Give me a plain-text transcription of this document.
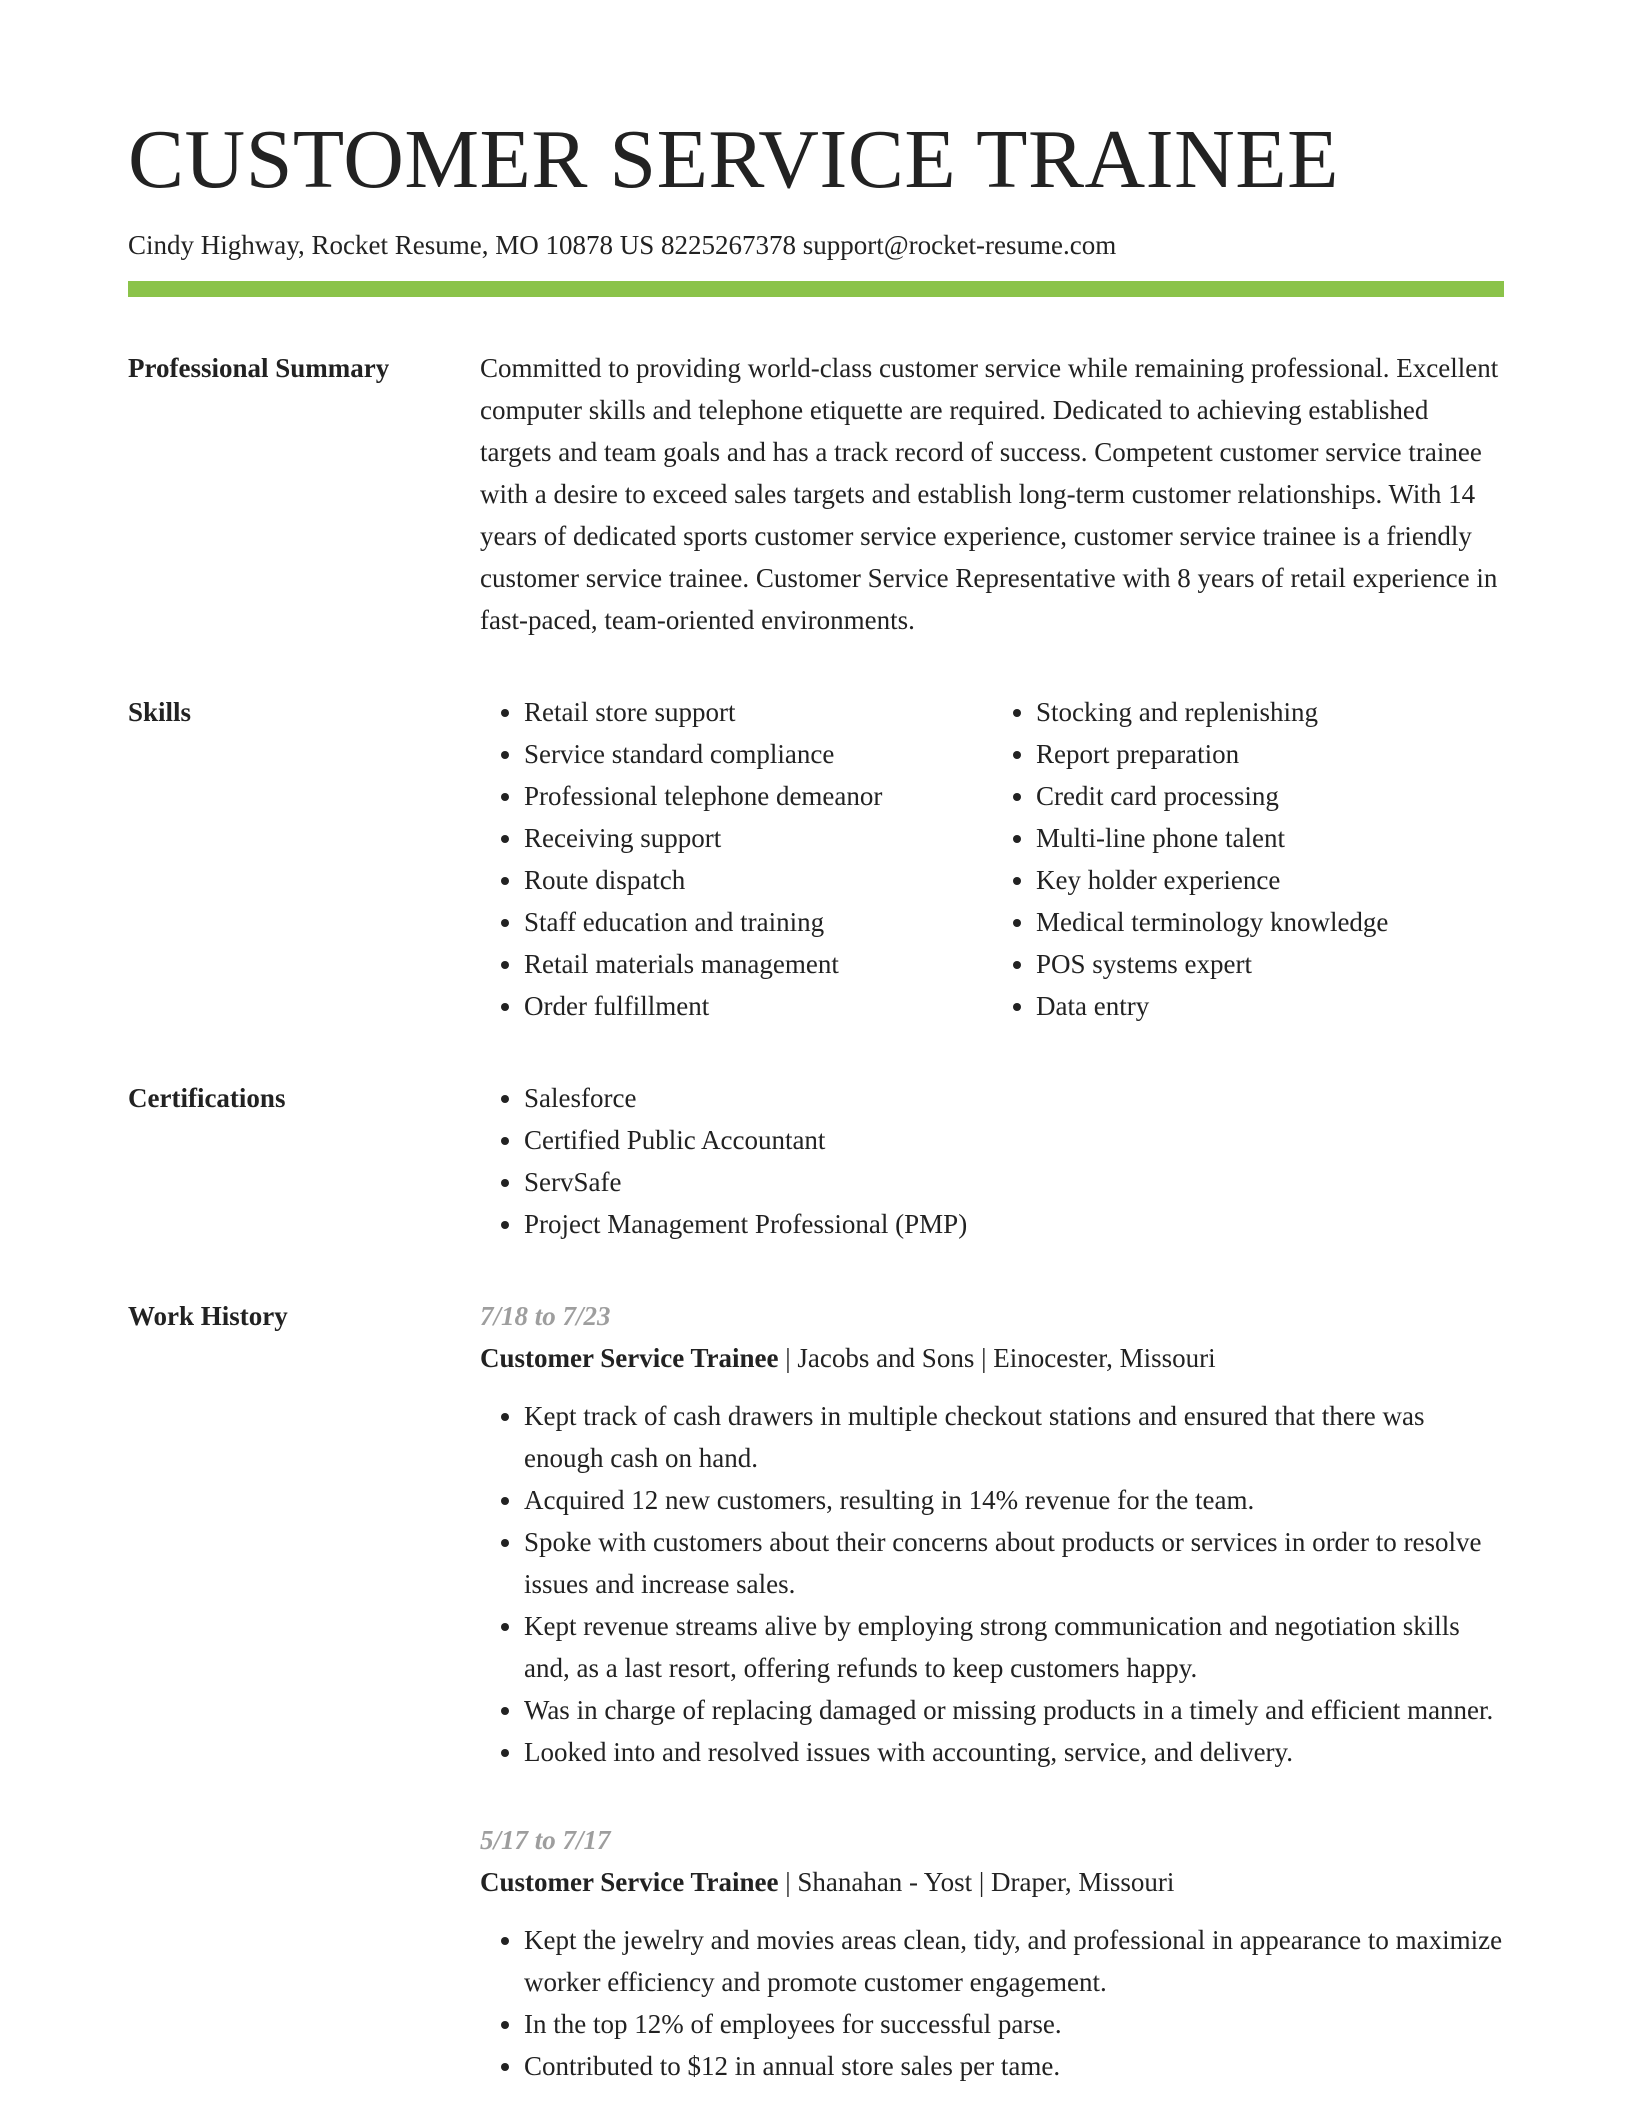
CUSTOMER SERVICE TRAINEE
Cindy Highway, Rocket Resume, MO 10878 US 8225267378 support@rocket-resume.com
Professional Summary	Committed to providing world-class customer service while remaining professional. Excellent computer skills and telephone etiquette are required. Dedicated to achieving established targets and team goals and has a track record of success. Competent customer service trainee with a desire to exceed sales targets and establish long-term customer relationships. With 14 years of dedicated sports customer service experience, customer service trainee is a friendly customer service trainee. Customer Service Representative with 8 years of retail experience in fast-paced, team-oriented environments.

Skills	• Retail store support
• Service standard compliance
• Professional telephone demeanor
• Receiving support
• Route dispatch
• Staff education and training
• Retail materials management
• Order fulfillment
• Stocking and replenishing
• Report preparation
• Credit card processing
• Multi-line phone talent
• Key holder experience
• Medical terminology knowledge
• POS systems expert
• Data entry
Certifications	• Salesforce
• Certified Public Accountant
• ServSafe
• Project Management Professional (PMP)
Work History	7/18 to 7/23
Customer Service Trainee | Jacobs and Sons | Einocester, Missouri
• Kept track of cash drawers in multiple checkout stations and ensured that there was enough cash on hand.
• Acquired 12 new customers, resulting in 14% revenue for the team.
• Spoke with customers about their concerns about products or services in order to resolve issues and increase sales.
• Kept revenue streams alive by employing strong communication and negotiation skills and, as a last resort, offering refunds to keep customers happy.
• Was in charge of replacing damaged or missing products in a timely and efficient manner.
• Looked into and resolved issues with accounting, service, and delivery.
5/17 to 7/17
Customer Service Trainee | Shanahan - Yost | Draper, Missouri
• Kept the jewelry and movies areas clean, tidy, and professional in appearance to maximize worker efficiency and promote customer engagement.
• In the top 12% of employees for successful parse.
• Contributed to $12 in annual store sales per tame.
